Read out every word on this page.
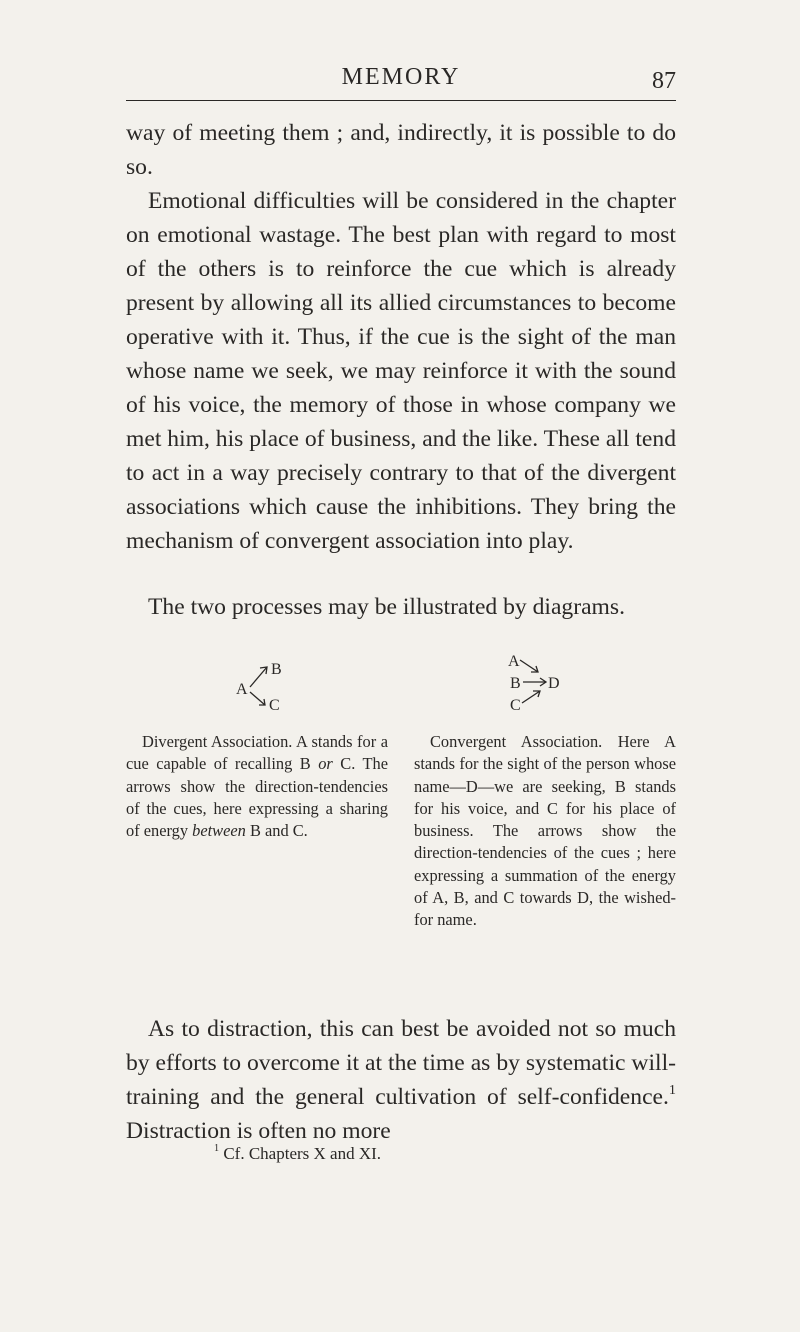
MEMORY	87

way of meeting them ; and, indirectly, it is possible to do so.

Emotional difficulties will be considered in the chapter on emotional wastage. The best plan with regard to most of the others is to reinforce the cue which is already present by allowing all its allied circumstances to become operative with it. Thus, if the cue is the sight of the man whose name we seek, we may reinforce it with the sound of his voice, the memory of those in whose company we met him, his place of business, and the like. These all tend to act in a way precisely contrary to that of the divergent associations which cause the inhibitions. They bring the mechanism of convergent association into play.

The two processes may be illustrated by diagrams.

A
B
C
A
B
C
D

Divergent Association. A stands for a cue capable of recalling B or C. The arrows show the direction-tendencies of the cues, here expressing a sharing of energy between B and C.

Convergent Association. Here A stands for the sight of the person whose name—D—we are seeking, B stands for his voice, and C for his place of business. The arrows show the direction-tendencies of the cues ; here expressing a summation of the energy of A, B, and C towards D, the wished-for name.

As to distraction, this can best be avoided not so much by efforts to overcome it at the time as by systematic will-training and the general cultivation of self-confidence.$^1$ Distraction is often no more

$^1$ Cf. Chapters X and XI.
